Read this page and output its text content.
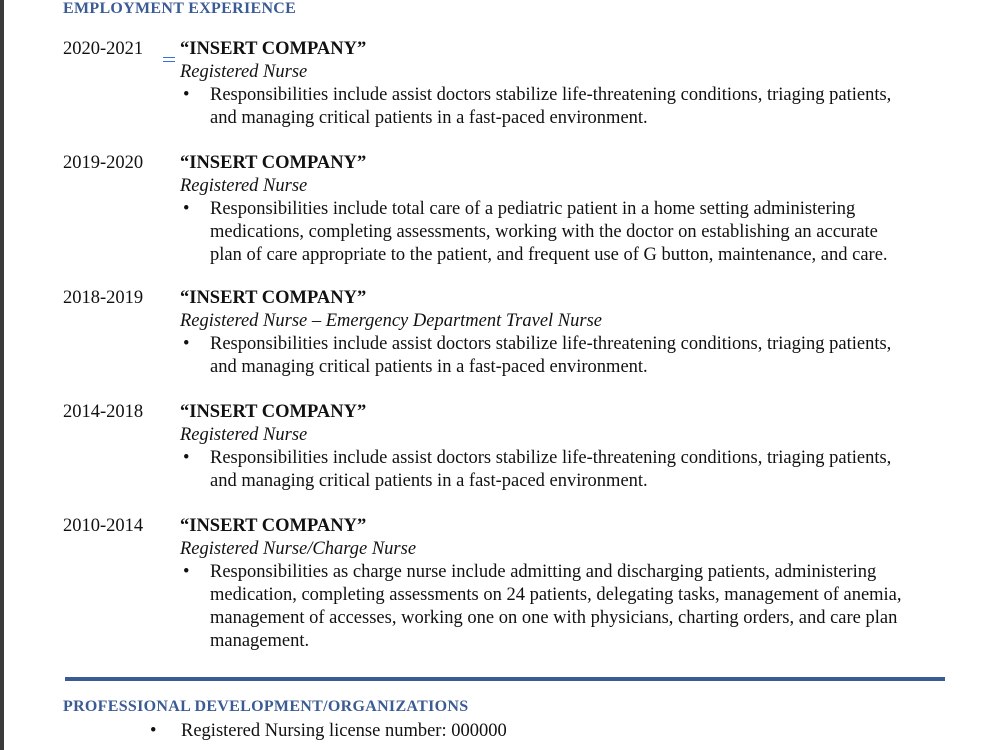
EMPLOYMENT EXPERIENCE
2020-2021 “INSERT COMPANY”
Registered Nurse
• Responsibilities include assist doctors stabilize life-threatening conditions, triaging patients,
and managing critical patients in a fast-paced environment.
2019-2020 “INSERT COMPANY”
Registered Nurse
• Responsibilities include total care of a pediatric patient in a home setting administering
medications, completing assessments, working with the doctor on establishing an accurate
plan of care appropriate to the patient, and frequent use of G button, maintenance, and care.
2018-2019 “INSERT COMPANY”
Registered Nurse – Emergency Department Travel Nurse
• Responsibilities include assist doctors stabilize life-threatening conditions, triaging patients,
and managing critical patients in a fast-paced environment.
2014-2018 “INSERT COMPANY”
Registered Nurse
• Responsibilities include assist doctors stabilize life-threatening conditions, triaging patients,
and managing critical patients in a fast-paced environment.
2010-2014 “INSERT COMPANY”
Registered Nurse/Charge Nurse
• Responsibilities as charge nurse include admitting and discharging patients, administering
medication, completing assessments on 24 patients, delegating tasks, management of anemia,
management of accesses, working one on one with physicians, charting orders, and care plan
management.
PROFESSIONAL DEVELOPMENT/ORGANIZATIONS
• Registered Nursing license number: 000000
